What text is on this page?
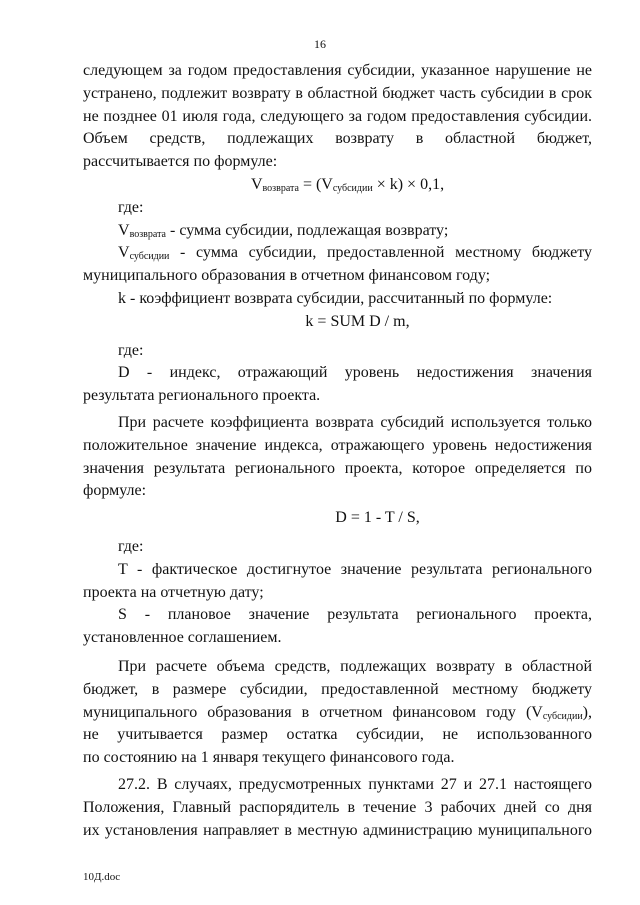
16

следующем за годом предоставления субсидии, указанное нарушение не

устранено, подлежит возврату в областной бюджет часть субсидии в срок

не позднее 01 июля года, следующего за годом предоставления субсидии.

Объем средств, подлежащих возврату в областной бюджет,

рассчитывается по формуле:

$V_{возврата} = (V_{субсидии} \times k) \times 0,1$,

где:

$V_{возврата}$ - сумма субсидии, подлежащая возврату;

$V_{субсидии}$ - сумма субсидии, предоставленной местному бюджету

муниципального образования в отчетном финансовом году;

k - коэффициент возврата субсидии, рассчитанный по формуле:

k = SUM D / m,

где:

D - индекс, отражающий уровень недостижения значения

результата регионального проекта.

При расчете коэффициента возврата субсидий используется только

положительное значение индекса, отражающего уровень недостижения

значения результата регионального проекта, которое определяется по

формуле:

D = 1 - T / S,

где:

T - фактическое достигнутое значение результата регионального

проекта на отчетную дату;

S - плановое значение результата регионального проекта,

установленное соглашением.

При расчете объема средств, подлежащих возврату в областной

бюджет, в размере субсидии, предоставленной местному бюджету

муниципального образования в отчетном финансовом году $(V_{субсидии})$,

не учитывается размер остатка субсидии, не использованного

по состоянию на 1 января текущего финансового года.

27.2. В случаях, предусмотренных пунктами 27 и 27.1 настоящего

Положения, Главный распорядитель в течение 3 рабочих дней со дня

их установления направляет в местную администрацию муниципального

10Д.doc
